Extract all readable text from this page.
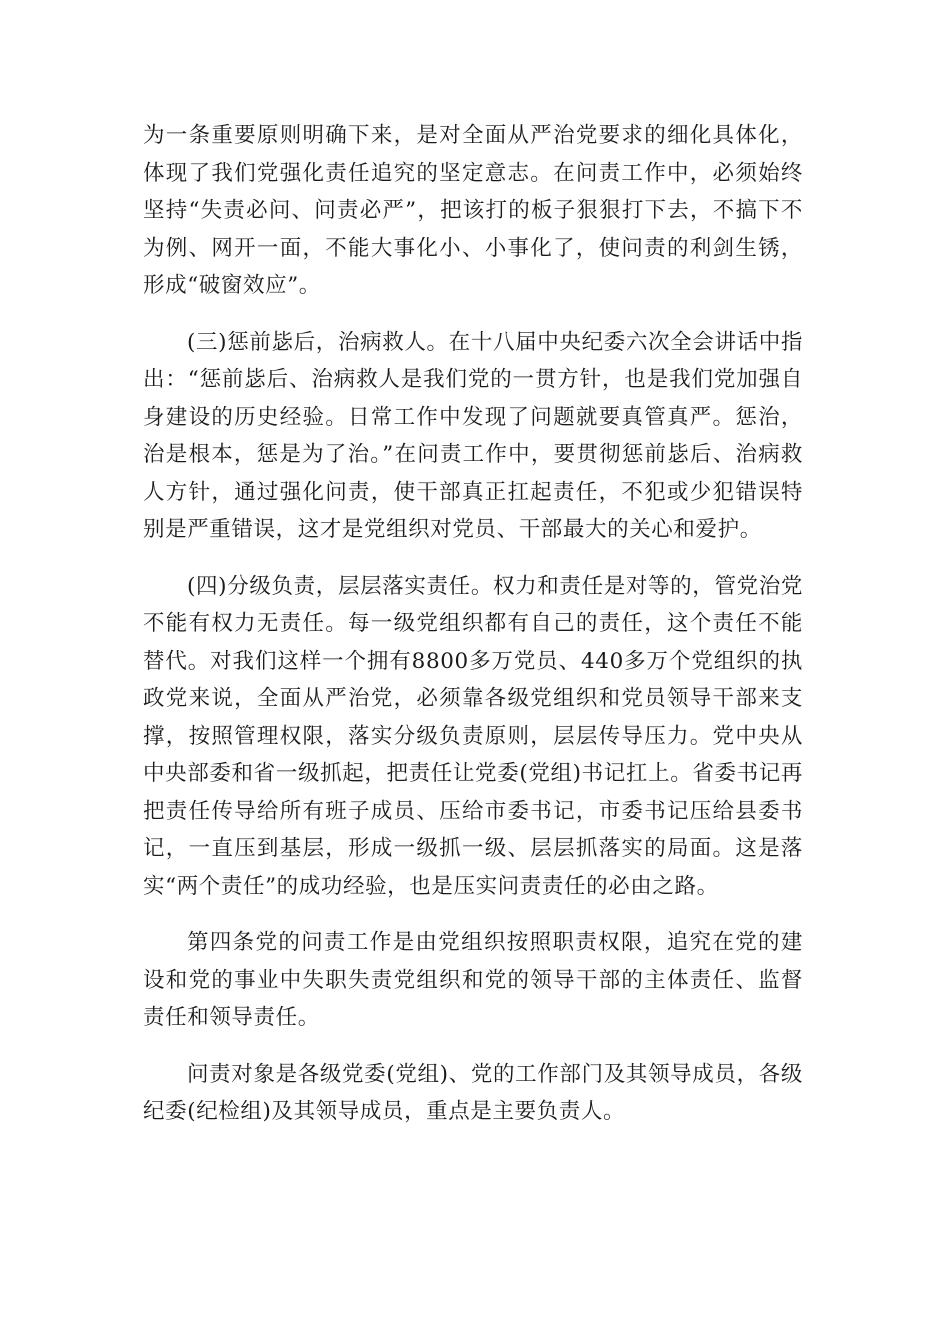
为一条重要原则明确下来，是对全面从严治党要求的细化具体化，体现了我们党强化责任追究的坚定意志。在问责工作中，必须始终坚持“失责必问、问责必严”，把该打的板子狠狠打下去，不搞下不为例、网开一面，不能大事化小、小事化了，使问责的利剑生锈，形成“破窗效应”。

(三)惩前毖后，治病救人。在十八届中央纪委六次全会讲话中指出：“惩前毖后、治病救人是我们党的一贯方针，也是我们党加强自身建设的历史经验。日常工作中发现了问题就要真管真严。惩治，治是根本，惩是为了治。”在问责工作中，要贯彻惩前毖后、治病救人方针，通过强化问责，使干部真正扛起责任，不犯或少犯错误特别是严重错误，这才是党组织对党员、干部最大的关心和爱护。

(四)分级负责，层层落实责任。权力和责任是对等的，管党治党不能有权力无责任。每一级党组织都有自己的责任，这个责任不能替代。对我们这样一个拥有8800多万党员、440多万个党组织的执政党来说，全面从严治党，必须靠各级党组织和党员领导干部来支撑，按照管理权限，落实分级负责原则，层层传导压力。党中央从中央部委和省一级抓起，把责任让党委(党组)书记扛上。省委书记再把责任传导给所有班子成员、压给市委书记，市委书记压给县委书记，一直压到基层，形成一级抓一级、层层抓落实的局面。这是落实“两个责任”的成功经验，也是压实问责责任的必由之路。

第四条党的问责工作是由党组织按照职责权限，追究在党的建设和党的事业中失职失责党组织和党的领导干部的主体责任、监督责任和领导责任。

问责对象是各级党委(党组)、党的工作部门及其领导成员，各级纪委(纪检组)及其领导成员，重点是主要负责人。
